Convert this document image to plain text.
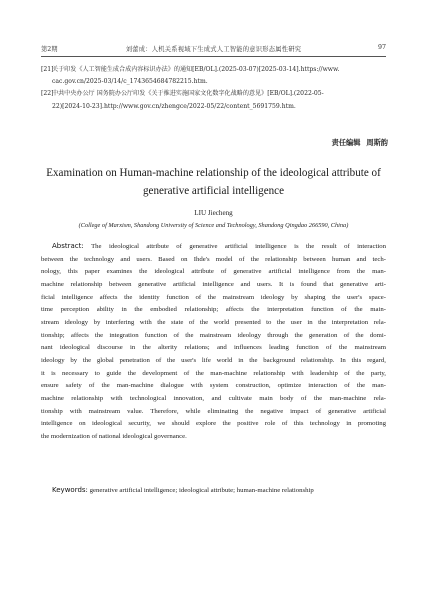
第2期	刘蕾成：人机关系视域下生成式人工智能的意识形态属性研究	97
[21]关于印发《人工智能生成合成内容标识办法》的通知[EB/OL].(2025-03-07)[2025-03-14].https://www.
cac.gov.cn/2025-03/14/c_1743654684782215.htm.
[22]中共中央办公厅 国务院办公厅印发《关于推进实施国家文化数字化战略的意见》[EB/OL].(2022-05-
22)[2024-10-23].http://www.gov.cn/zhengce/2022-05/22/content_5691759.htm.
责任编辑 周斯韵
Examination on Human-machine relationship of the ideological attribute of
generative artificial intelligence
LIU Jiecheng
(College of Marxism, Shandong University of Science and Technology, Shandong Qingdao 266590, China)
Abstract: The ideological attribute of generative artificial intelligence is the result of interaction
between the technology and users. Based on Ihde's model of the relationship between human and tech-
nology, this paper examines the ideological attribute of generative artificial intelligence from the man-
machine relationship between generative artificial intelligence and users. It is found that generative arti-
ficial intelligence affects the identity function of the mainstream ideology by shaping the user's space-
time perception ability in the embodied relationship; affects the interpretation function of the main-
stream ideology by interfering with the state of the world presented to the user in the interpretation rela-
tionship; affects the integration function of the mainstream ideology through the generation of the domi-
nant ideological discourse in the alterity relations; and influences leading function of the mainstream
ideology by the global penetration of the user's life world in the background relationship. In this regard,
it is necessary to guide the development of the man-machine relationship with leadership of the party,
ensure safety of the man-machine dialogue with system construction, optimize interaction of the man-
machine relationship with technological innovation, and cultivate main body of the man-machine rela-
tionship with mainstream value. Therefore, while eliminating the negative impact of generative artificial
intelligence on ideological security, we should explore the positive role of this technology in promoting
the modernization of national ideological governance.
Keywords: generative artificial intelligence; ideological attribute; human-machine relationship
